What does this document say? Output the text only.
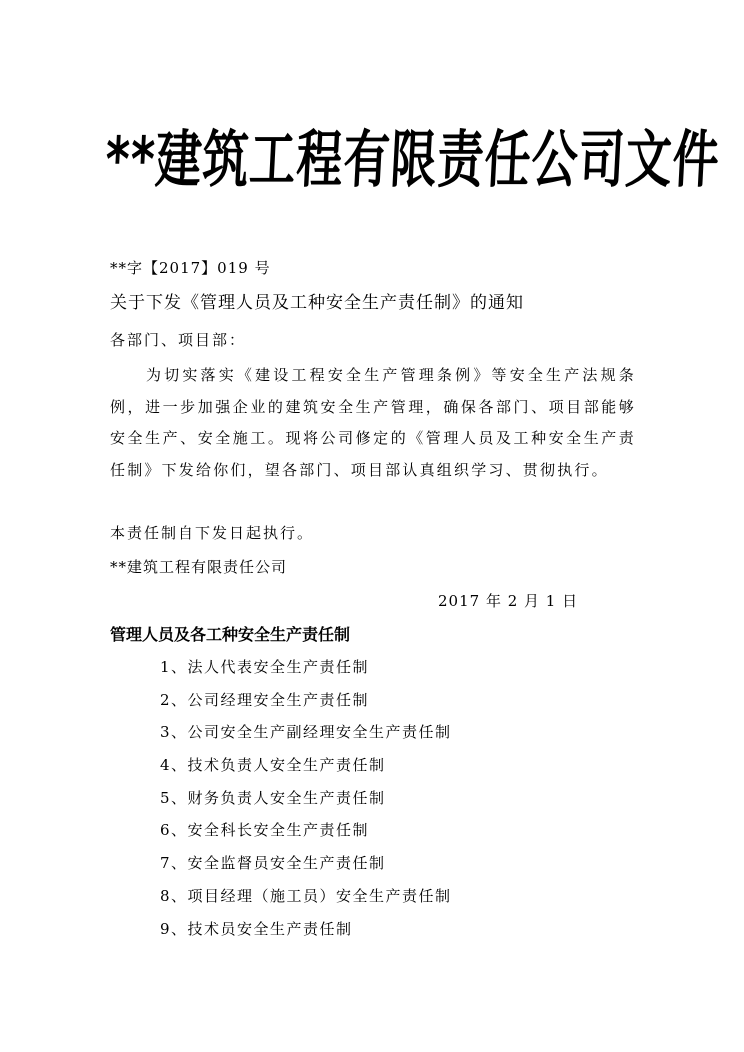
**建筑工程有限责任公司文件
**字【2017】019 号
关于下发《管理人员及工种安全生产责任制》的通知
各部门、项目部：
为切实落实《建设工程安全生产管理条例》等安全生产法规条例，进一步加强企业的建筑安全生产管理，确保各部门、项目部能够安全生产、安全施工。现将公司修定的《管理人员及工种安全生产责任制》下发给你们，望各部门、项目部认真组织学习、贯彻执行。
本责任制自下发日起执行。
**建筑工程有限责任公司
2017 年 2 月 1 日
管理人员及各工种安全生产责任制
1、法人代表安全生产责任制
2、公司经理安全生产责任制
3、公司安全生产副经理安全生产责任制
4、技术负责人安全生产责任制
5、财务负责人安全生产责任制
6、安全科长安全生产责任制
7、安全监督员安全生产责任制
8、项目经理（施工员）安全生产责任制
9、技术员安全生产责任制
